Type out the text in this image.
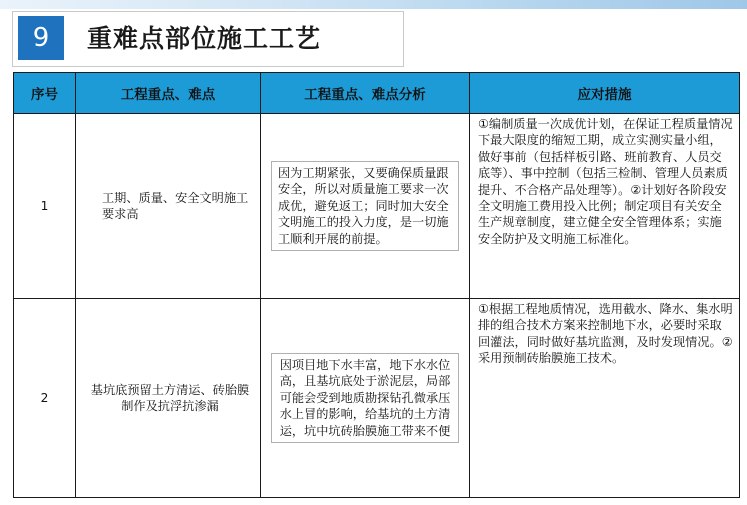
9	重难点部位施工工艺
序号	工程重点、难点	工程重点、难点分析	应对措施
1	工期、质量、安全文明施工要求高	因为工期紧张，又要确保质量跟安全，所以对质量施工要求一次成优，避免返工；同时加大安全文明施工的投入力度，是一切施工顺利开展的前提。	①编制质量一次成优计划，在保证工程质量情况下最大限度的缩短工期，成立实测实量小组，做好事前（包括样板引路、班前教育、人员交底等）、事中控制（包括三检制、管理人员素质提升、不合格产品处理等）。②计划好各阶段安全文明施工费用投入比例；制定项目有关安全生产规章制度，建立健全安全管理体系；实施安全防护及文明施工标准化。

2	基坑底预留土方清运、砖胎膜制作及抗浮抗渗漏	因项目地下水丰富，地下水水位高，且基坑底处于淤泥层，局部可能会受到地质勘探钻孔微承压水上冒的影响，给基坑的土方清运，坑中坑砖胎膜施工带来不便	①根据工程地质情况，选用截水、降水、集水明排的组合技术方案来控制地下水，必要时采取回灌法，同时做好基坑监测，及时发现情况。②采用预制砖胎膜施工技术。
